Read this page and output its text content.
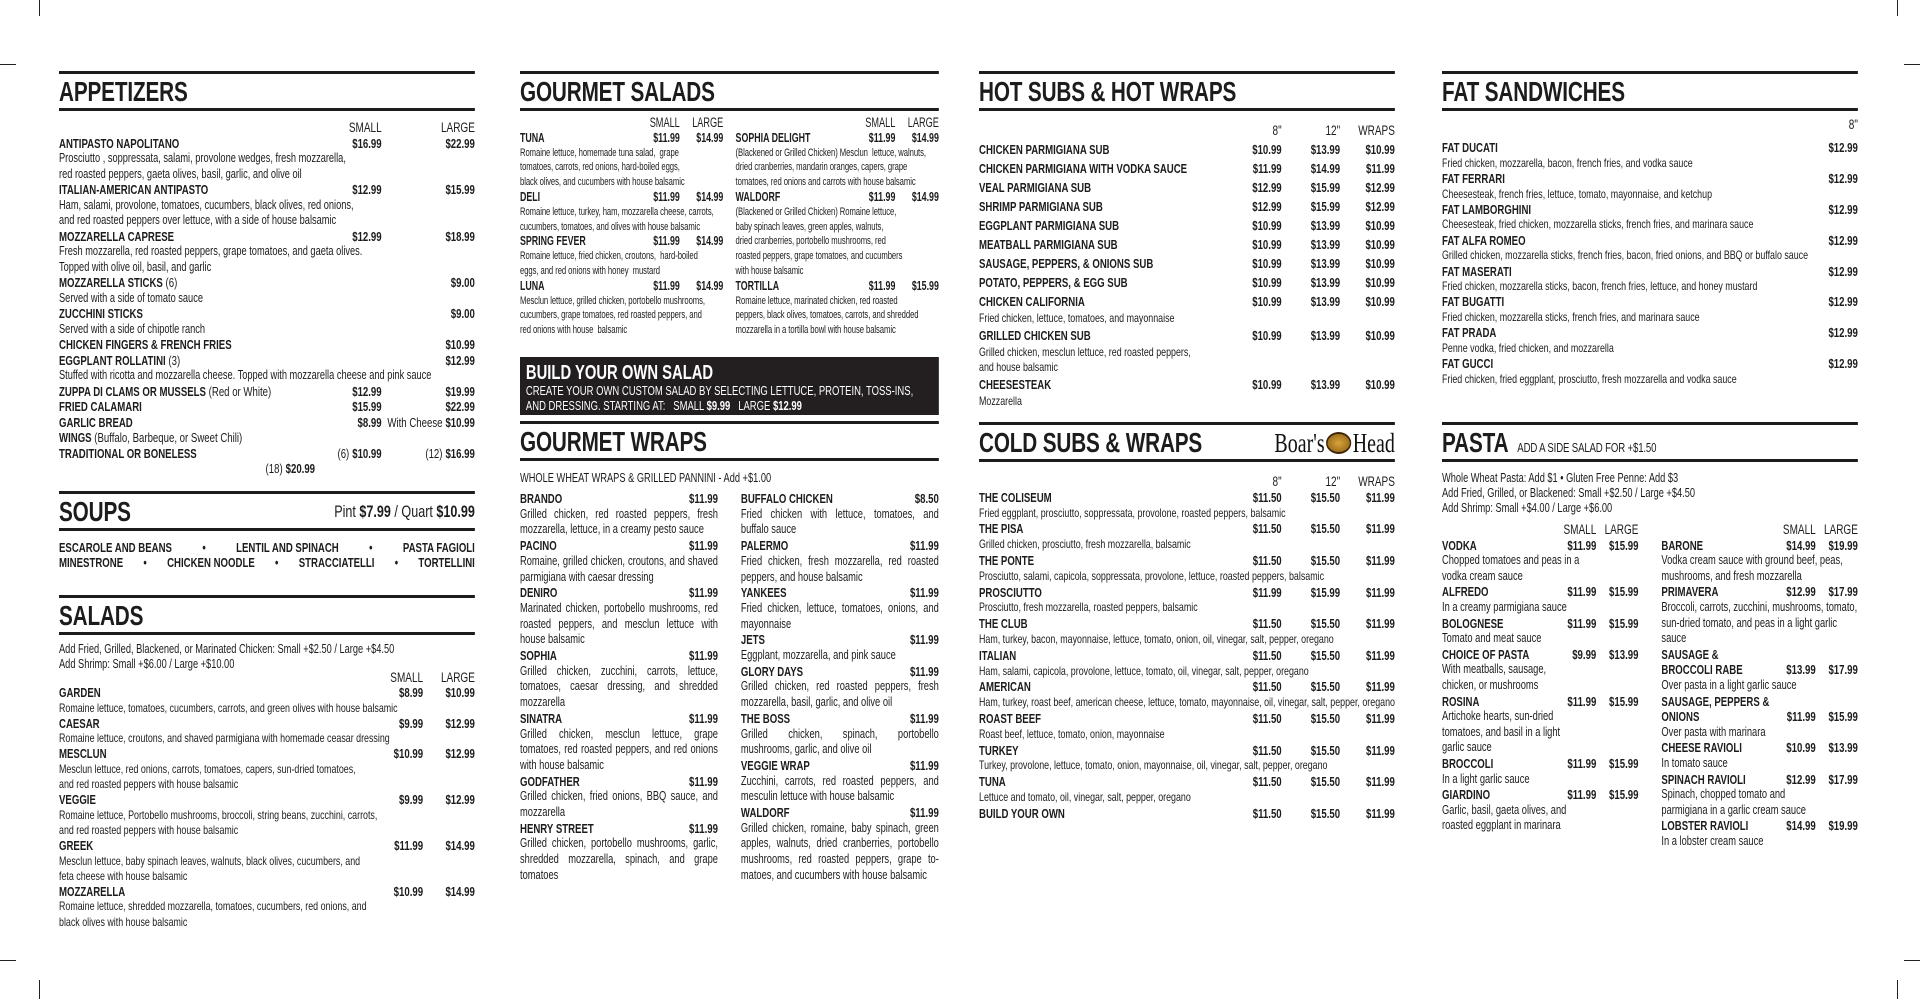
APPETIZERS
SMALL	LARGE
ANTIPASTO NAPOLITANO	$16.99	$22.99
Prosciutto , soppressata, salami, provolone wedges, fresh mozzarella,
red roasted peppers, gaeta olives, basil, garlic, and olive oil
ITALIAN-AMERICAN ANTIPASTO	$12.99	$15.99
Ham, salami, provolone, tomatoes, cucumbers, black olives, red onions,
and red roasted peppers over lettuce, with a side of house balsamic
MOZZARELLA CAPRESE	$12.99	$18.99
Fresh mozzarella, red roasted peppers, grape tomatoes, and gaeta olives.
Topped with olive oil, basil, and garlic
MOZZARELLA STICKS (6)	$9.00
Served with a side of tomato sauce
ZUCCHINI STICKS	$9.00
Served with a side of chipotle ranch
CHICKEN FINGERS & FRENCH FRIES	$10.99
EGGPLANT ROLLATINI (3)	$12.99
Stuffed with ricotta and mozzarella cheese. Topped with mozzarella cheese and pink sauce
ZUPPA DI CLAMS OR MUSSELS (Red or White)	$12.99	$19.99
FRIED CALAMARI	$15.99	$22.99
GARLIC BREAD	$8.99 With Cheese $10.99
WINGS (Buffalo, Barbeque, or Sweet Chili)
TRADITIONAL OR BONELESS	(6) $10.99	(12) $16.99
(18) $20.99
SOUPS	Pint $7.99 / Quart $10.99
ESCAROLE AND BEANS • LENTIL AND SPINACH • PASTA FAGIOLI
MINESTRONE • CHICKEN NOODLE • STRACCIATELLI • TORTELLINI
SALADS
Add Fried, Grilled, Blackened, or Marinated Chicken: Small +$2.50 / Large +$4.50
Add Shrimp: Small +$6.00 / Large +$10.00
SMALL	LARGE
GARDEN	$8.99	$10.99
Romaine lettuce, tomatoes, cucumbers, carrots, and green olives with house balsamic
CAESAR	$9.99	$12.99
Romaine lettuce, croutons, and shaved parmigiana with homemade ceasar dressing
MESCLUN	$10.99	$12.99
Mesclun lettuce, red onions, carrots, tomatoes, capers, sun-dried tomatoes,
and red roasted peppers with house balsamic
VEGGIE	$9.99	$12.99
Romaine lettuce, Portobello mushrooms, broccoli, string beans, zucchini, carrots,
and red roasted peppers with house balsamic
GREEK	$11.99	$14.99
Mesclun lettuce, baby spinach leaves, walnuts, black olives, cucumbers, and
feta cheese with house balsamic
MOZZARELLA	$10.99	$14.99
Romaine lettuce, shredded mozzarella, tomatoes, cucumbers, red onions, and
black olives with house balsamic
GOURMET SALADS
SMALL LARGE
TUNA	$11.99	$14.99
Romaine lettuce, homemade tuna salad,  grape
tomatoes, carrots, red onions, hard-boiled eggs,
black olives, and cucumbers with house balsamic
DELI	$11.99	$14.99
Romaine lettuce, turkey, ham, mozzarella cheese, carrots,
cucumbers, tomatoes, and olives with house balsamic
SPRING FEVER	$11.99	$14.99
Romaine lettuce, fried chicken, croutons,  hard-boiled
eggs, and red onions with honey  mustard
LUNA	$11.99	$14.99
Mesclun lettuce, grilled chicken, portobello mushrooms,
cucumbers, grape tomatoes, red roasted peppers, and
red onions with house  balsamic
SMALL LARGE
SOPHIA DELIGHT	$11.99	$14.99
(Blackened or Grilled Chicken) Mesclun  lettuce, walnuts,
dried cranberries, mandarin oranges, capers, grape
tomatoes, red onions and carrots with house balsamic
WALDORF	$11.99	$14.99
(Blackened or Grilled Chicken) Romaine lettuce,
baby spinach leaves, green apples, walnuts,
dried cranberries, portobello mushrooms, red
roasted peppers, grape tomatoes, and cucumbers
with house balsamic
TORTILLA	$11.99	$15.99
Romaine lettuce, marinated chicken, red roasted
peppers, black olives, tomatoes, carrots, and shredded
mozzarella in a tortilla bowl with house balsamic
BUILD YOUR OWN SALAD
CREATE YOUR OWN CUSTOM SALAD BY SELECTING LETTUCE, PROTEIN, TOSS-INS,
AND DRESSING. STARTING AT: SMALL $9.99 LARGE $12.99
GOURMET WRAPS
WHOLE WHEAT WRAPS & GRILLED PANNINI - Add +$1.00
BRANDO	$11.99
Grilled chicken, red roasted peppers, fresh mozzarella, lettuce, in a creamy pesto sauce
PACINO	$11.99
Romaine, grilled chicken, croutons, and shaved parmigiana with caesar dressing
DENIRO	$11.99
Marinated chicken, portobello mushrooms, red roasted peppers, and mesclun lettuce with house balsamic
SOPHIA	$11.99
Grilled chicken, zucchini, carrots, lettuce, tomatoes, caesar dressing, and shredded mozzarella
SINATRA	$11.99
Grilled chicken, mesclun lettuce, grape tomatoes, red roasted peppers, and red onions with house balsamic
GODFATHER	$11.99
Grilled chicken, fried onions, BBQ sauce, and mozzarella
HENRY STREET	$11.99
Grilled chicken, portobello mushrooms, garlic, shredded mozzarella, spinach, and grape tomatoes
BUFFALO CHICKEN	$8.50
Fried chicken with lettuce, tomatoes, and buffalo sauce
PALERMO	$11.99
Fried chicken, fresh mozzarella, red roasted peppers, and house balsamic
YANKEES	$11.99
Fried chicken, lettuce, tomatoes, onions, and mayonnaise
JETS	$11.99
Eggplant, mozzarella, and pink sauce
GLORY DAYS	$11.99
Grilled chicken, red roasted peppers, fresh mozzarella, basil, garlic, and olive oil
THE BOSS	$11.99
Grilled chicken, spinach, portobello mushrooms, garlic, and olive oil
VEGGIE WRAP	$11.99
Zucchini, carrots, red roasted peppers, and mesculin lettuce with house balsamic
WALDORF	$11.99
Grilled chicken, romaine, baby spinach, green apples, walnuts, dried cranberries, portobello mushrooms, red roasted peppers, grape to-matoes, and cucumbers with house balsamic
HOT SUBS & HOT WRAPS
8"	12"	WRAPS
CHICKEN PARMIGIANA SUB	$10.99	$13.99	$10.99
CHICKEN PARMIGIANA WITH VODKA SAUCE	$11.99	$14.99	$11.99
VEAL PARMIGIANA SUB	$12.99	$15.99	$12.99
SHRIMP PARMIGIANA SUB	$12.99	$15.99	$12.99
EGGPLANT PARMIGIANA SUB	$10.99	$13.99	$10.99
MEATBALL PARMIGIANA SUB	$10.99	$13.99	$10.99
SAUSAGE, PEPPERS, & ONIONS SUB	$10.99	$13.99	$10.99
POTATO, PEPPERS, & EGG SUB	$10.99	$13.99	$10.99
CHICKEN CALIFORNIA	$10.99	$13.99	$10.99
Fried chicken, lettuce, tomatoes, and mayonnaise
GRILLED CHICKEN SUB	$10.99	$13.99	$10.99
Grilled chicken, mesclun lettuce, red roasted peppers,
and house balsamic
CHEESESTEAK	$10.99	$13.99	$10.99
Mozzarella
COLD SUBS & WRAPS	Boar's Head
8"	12"	WRAPS
THE COLISEUM	$11.50	$15.50	$11.99
Fried eggplant, prosciutto, soppressata, provolone, roasted peppers, balsamic
THE PISA	$11.50	$15.50	$11.99
Grilled chicken, prosciutto, fresh mozzarella, balsamic
THE PONTE	$11.50	$15.50	$11.99
Prosciutto, salami, capicola, soppressata, provolone, lettuce, roasted peppers, balsamic
PROSCIUTTO	$11.99	$15.99	$11.99
Prosciutto, fresh mozzarella, roasted peppers, balsamic
THE CLUB	$11.50	$15.50	$11.99
Ham, turkey, bacon, mayonnaise, lettuce, tomato, onion, oil, vinegar, salt, pepper, oregano
ITALIAN	$11.50	$15.50	$11.99
Ham, salami, capicola, provolone, lettuce, tomato, oil, vinegar, salt, pepper, oregano
AMERICAN	$11.50	$15.50	$11.99
Ham, turkey, roast beef, american cheese, lettuce, tomato, mayonnaise, oil, vinegar, salt, pepper, oregano
ROAST BEEF	$11.50	$15.50	$11.99
Roast beef, lettuce, tomato, onion, mayonnaise
TURKEY	$11.50	$15.50	$11.99
Turkey, provolone, lettuce, tomato, onion, mayonnaise, oil, vinegar, salt, pepper, oregano
TUNA	$11.50	$15.50	$11.99
Lettuce and tomato, oil, vinegar, salt, pepper, oregano
BUILD YOUR OWN	$11.50	$15.50	$11.99
FAT SANDWICHES
8"
FAT DUCATI	$12.99
Fried chicken, mozzarella, bacon, french fries, and vodka sauce
FAT FERRARI	$12.99
Cheesesteak, french fries, lettuce, tomato, mayonnaise, and ketchup
FAT LAMBORGHINI	$12.99
Cheesesteak, fried chicken, mozzarella sticks, french fries, and marinara sauce
FAT ALFA ROMEO	$12.99
Grilled chicken, mozzarella sticks, french fries, bacon, fried onions, and BBQ or buffalo sauce
FAT MASERATI	$12.99
Fried chicken, mozzarella sticks, bacon, french fries, lettuce, and honey mustard
FAT BUGATTI	$12.99
Fried chicken, mozzarella sticks, french fries, and marinara sauce
FAT PRADA	$12.99
Penne vodka, fried chicken, and mozzarella
FAT GUCCI	$12.99
Fried chicken, fried eggplant, prosciutto, fresh mozzarella and vodka sauce
PASTA ADD A SIDE SALAD FOR +$1.50
Whole Wheat Pasta: Add $1 • Gluten Free Penne: Add $3
Add Fried, Grilled, or Blackened: Small +$2.50 / Large +$4.50
Add Shrimp: Small +$4.00 / Large +$6.00
SMALL LARGE
VODKA	$11.99 $15.99
Chopped tomatoes and peas in a
vodka cream sauce
ALFREDO	$11.99 $15.99
In a creamy parmigiana sauce
BOLOGNESE	$11.99 $15.99
Tomato and meat sauce
CHOICE OF PASTA	$9.99 $13.99
With meatballs, sausage,
chicken, or mushrooms
ROSINA	$11.99 $15.99
Artichoke hearts, sun-dried
tomatoes, and basil in a light
garlic sauce
BROCCOLI	$11.99 $15.99
In a light garlic sauce
GIARDINO	$11.99 $15.99
Garlic, basil, gaeta olives, and
roasted eggplant in marinara
SMALL LARGE
BARONE	$14.99 $19.99
Vodka cream sauce with ground beef, peas,
mushrooms, and fresh mozzarella
PRIMAVERA	$12.99 $17.99
Broccoli, carrots, zucchini, mushrooms, tomato,
sun-dried tomato, and peas in a light garlic sauce
SAUSAGE &
BROCCOLI RABE	$13.99 $17.99
Over pasta in a light garlic sauce
SAUSAGE, PEPPERS &
ONIONS	$11.99 $15.99
Over pasta with marinara
CHEESE RAVIOLI	$10.99 $13.99
In tomato sauce
SPINACH RAVIOLI	$12.99 $17.99
Spinach, chopped tomato and
parmigiana in a garlic cream sauce
LOBSTER RAVIOLI	$14.99 $19.99
In a lobster cream sauce
